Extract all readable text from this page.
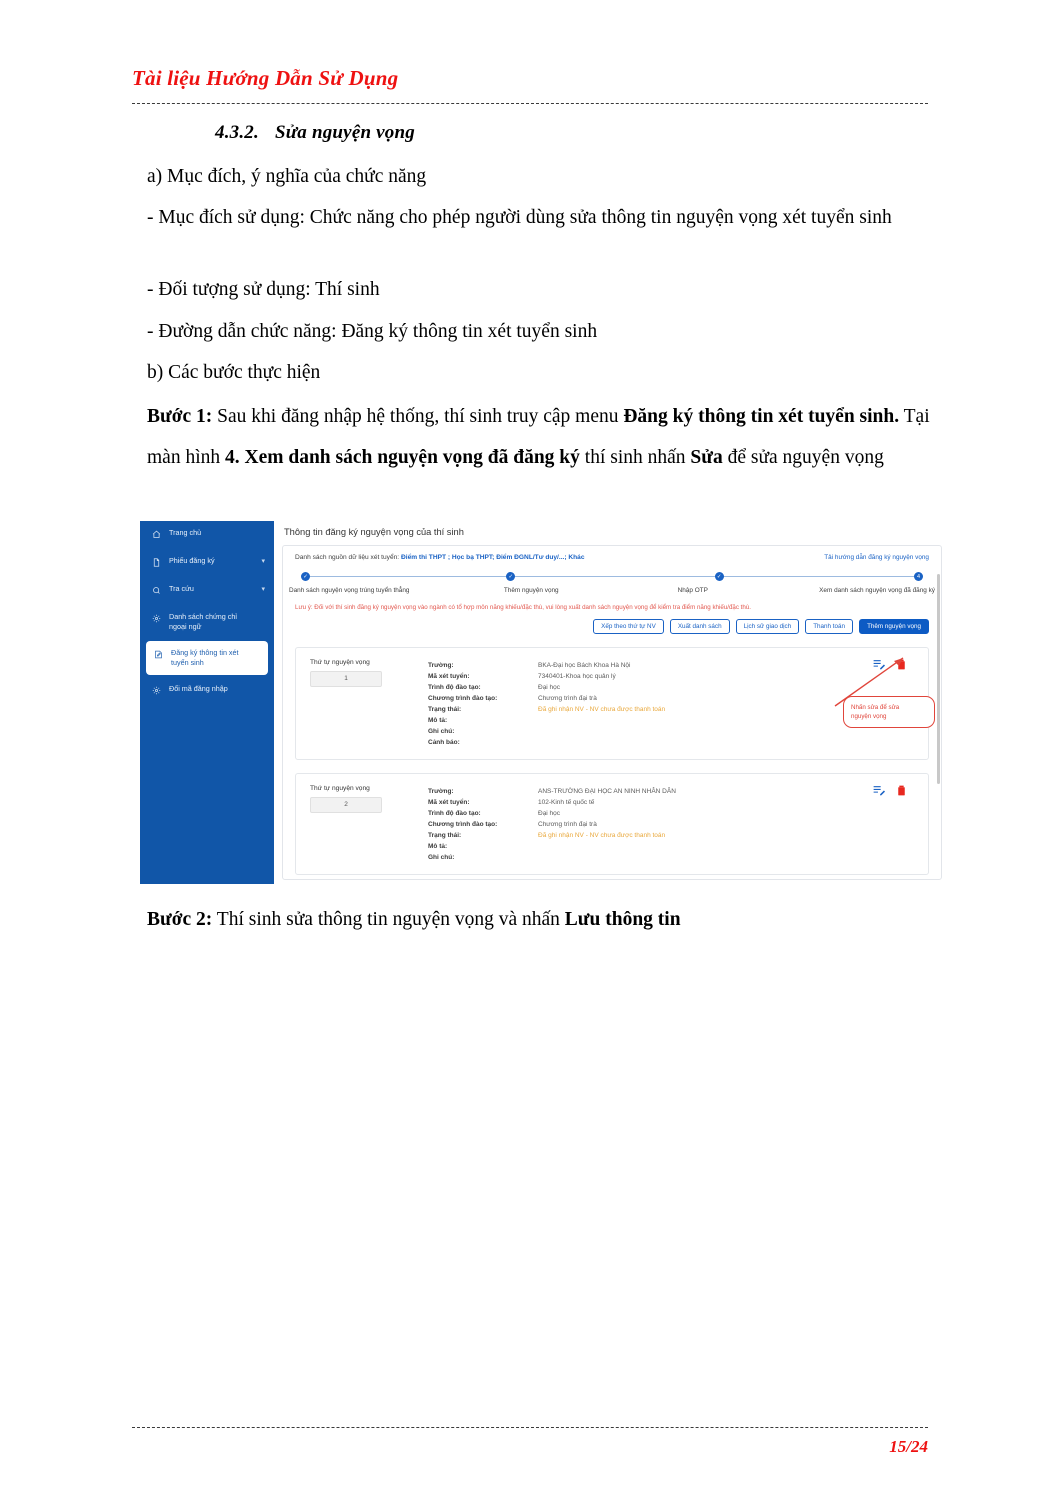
Tài liệu Hướng Dẫn Sử Dụng
4.3.2. Sửa nguyện vọng
a) Mục đích, ý nghĩa của chức năng
- Mục đích sử dụng: Chức năng cho phép người dùng sửa thông tin nguyện vọng xét tuyển sinh
- Đối tượng sử dụng: Thí sinh
- Đường dẫn chức năng: Đăng ký thông tin xét tuyển sinh
b) Các bước thực hiện
Bước 1: Sau khi đăng nhập hệ thống, thí sinh truy cập menu Đăng ký thông tin xét tuyển sinh. Tại màn hình 4. Xem danh sách nguyện vọng đã đăng ký thí sinh nhấn Sửa để sửa nguyện vọng
Trang chủ
Phiếu đăng ký	▾
Tra cứu	▾
Danh sách chứng chỉ ngoại ngữ
Đăng ký thông tin xét tuyển sinh
Đổi mã đăng nhập
Thông tin đăng ký nguyện vọng của thí sinh
Danh sách nguồn dữ liệu xét tuyển: Điểm thi THPT ; Học bạ THPT; Điểm ĐGNL/Tư duy/...; Khác	Tải hướng dẫn đăng ký nguyện vọng
✓	✓	✓	4
Danh sách nguyện vọng trúng tuyển thẳng	Thêm nguyện vọng	Nhập OTP	Xem danh sách nguyện vọng đã đăng ký
Lưu ý: Đối với thí sinh đăng ký nguyện vọng vào ngành có tổ hợp môn năng khiếu/đặc thù, vui lòng xuất danh sách nguyện vọng để kiểm tra điểm năng khiếu/đặc thù.
Xếp theo thứ tự NV	Xuất danh sách	Lịch sử giao dịch	Thanh toán	Thêm nguyện vọng
Thứ tự nguyện vọng
1
Trường:	BKA-Đại học Bách Khoa Hà Nội
Mã xét tuyển:	7340401-Khoa học quản lý
Trình độ đào tạo:	Đại học
Chương trình đào tạo:	Chương trình đại trà
Trạng thái:	Đã ghi nhận NV - NV chưa được thanh toán
Mô tả:
Ghi chú:
Cảnh báo:
Thứ tự nguyện vọng
2
Trường:	ANS-TRƯỜNG ĐẠI HỌC AN NINH NHÂN DÂN
Mã xét tuyển:	102-Kinh tế quốc tế
Trình độ đào tạo:	Đại học
Chương trình đào tạo:	Chương trình đại trà
Trạng thái:	Đã ghi nhận NV - NV chưa được thanh toán
Mô tả:
Ghi chú:
Nhấn sửa để sửa
nguyện vọng
Bước 2: Thí sinh sửa thông tin nguyện vọng và nhấn Lưu thông tin
15/24
